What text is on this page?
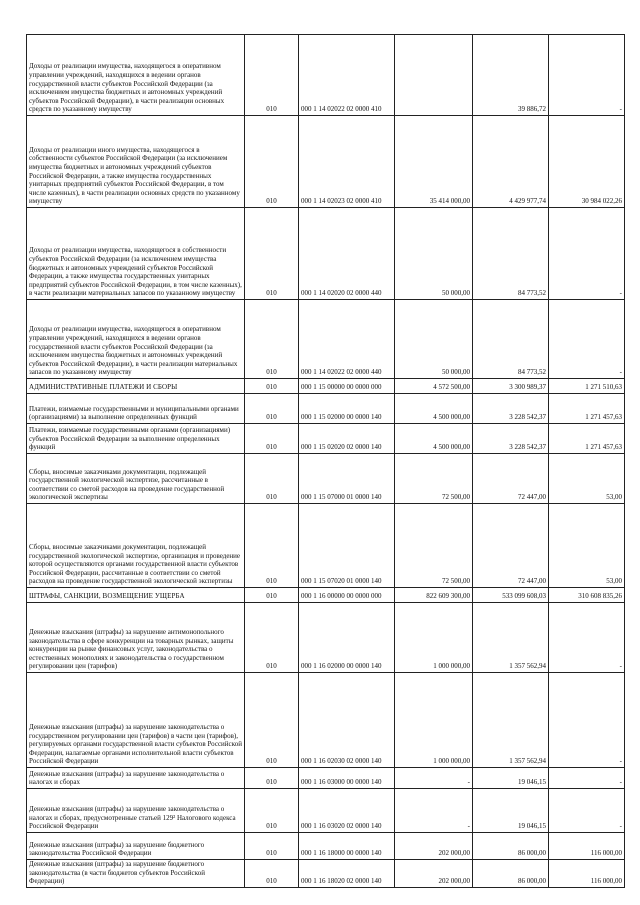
Доходы от реализации имущества, находящегося в оперативном управлении учреждений, находящихся в ведении органов государственной власти субъектов Российской Федерации (за исключением имущества бюджетных и автономных учреждений субъектов Российской Федерации), в части реализации основных средств по указанному имуществу	010	000 1 14 02022 02 0000 410		39 886,72	-
Доходы от реализации иного имущества, находящегося в собственности субъектов Российской Федерации (за исключением имущества бюджетных и автономных учреждений субъектов Российской Федерации, а также имущества государственных унитарных предприятий субъектов Российской Федерации, в том числе казенных), в части реализации основных средств по указанному имуществу	010	000 1 14 02023 02 0000 410	35 414 000,00	4 429 977,74	30 984 022,26
Доходы от реализации имущества, находящегося в собственности субъектов Российской Федерации (за исключением имущества бюджетных и автономных учреждений субъектов Российской Федерации, а также имущества государственных унитарных предприятий субъектов Российской Федерации, в том числе казенных), в части реализации материальных запасов по указанному имуществу	010	000 1 14 02020 02 0000 440	50 000,00	84 773,52	-
Доходы от реализации имущества, находящегося в оперативном управлении учреждений, находящихся в ведении органов государственной власти субъектов Российской Федерации (за исключением имущества бюджетных и автономных учреждений субъектов Российской Федерации), в части реализации материальных запасов по указанному имуществу	010	000 1 14 02022 02 0000 440	50 000,00	84 773,52	-
АДМИНИСТРАТИВНЫЕ ПЛАТЕЖИ И СБОРЫ	010	000 1 15 00000 00 0000 000	4 572 500,00	3 300 989,37	1 271 510,63
Платежи, взимаемые государственными и муниципальными органами (организациями) за выполнение определенных функций	010	000 1 15 02000 00 0000 140	4 500 000,00	3 228 542,37	1 271 457,63
Платежи, взимаемые государственными органами (организациями) субъектов Российской Федерации за выполнение определенных функций	010	000 1 15 02020 02 0000 140	4 500 000,00	3 228 542,37	1 271 457,63
Сборы, вносимые заказчиками документации, подлежащей государственной экологической экспертизе, рассчитанные в соответствии со сметой расходов на проведение государственной экологической экспертизы	010	000 1 15 07000 01 0000 140	72 500,00	72 447,00	53,00
Сборы, вносимые заказчиками документации, подлежащей государственной экологической экспертизе, организация и проведение которой осуществляются органами государственной власти субъектов Российской Федерации, рассчитанные в соответствии со сметой расходов на проведение государственной экологической экспертизы	010	000 1 15 07020 01 0000 140	72 500,00	72 447,00	53,00
ШТРАФЫ, САНКЦИИ, ВОЗМЕЩЕНИЕ УЩЕРБА	010	000 1 16 00000 00 0000 000	822 609 300,00	533 099 608,03	310 608 835,26
Денежные взыскания (штрафы) за нарушение антимонопольного законодательства в сфере конкуренции на товарных рынках, защиты конкуренции на рынке финансовых услуг, законодательства о естественных монополиях и законодательства о государственном регулировании цен (тарифов)	010	000 1 16 02000 00 0000 140	1 000 000,00	1 357 562,94	-
Денежные взыскания (штрафы) за нарушение законодательства о государственном регулировании цен (тарифов) в части цен (тарифов), регулируемых органами государственной власти субъектов Российской Федерации, налагаемые органами исполнительной власти субъектов Российской Федерации	010	000 1 16 02030 02 0000 140	1 000 000,00	1 357 562,94	-
Денежные взыскания (штрафы) за нарушение законодательства о налогах и сборах	010	000 1 16 03000 00 0000 140	-	19 046,15	-
Денежные взыскания (штрафы) за нарушение законодательства о налогах и сборах, предусмотренные статьей 129² Налогового кодекса Российской Федерации	010	000 1 16 03020 02 0000 140	-	19 046,15	-
Денежные взыскания (штрафы) за нарушение бюджетного законодательства Российской Федерации	010	000 1 16 18000 00 0000 140	202 000,00	86 000,00	116 000,00
Денежные взыскания (штрафы) за нарушение бюджетного законодательства (в части бюджетов субъектов Российской Федерации)	010	000 1 16 18020 02 0000 140	202 000,00	86 000,00	116 000,00
